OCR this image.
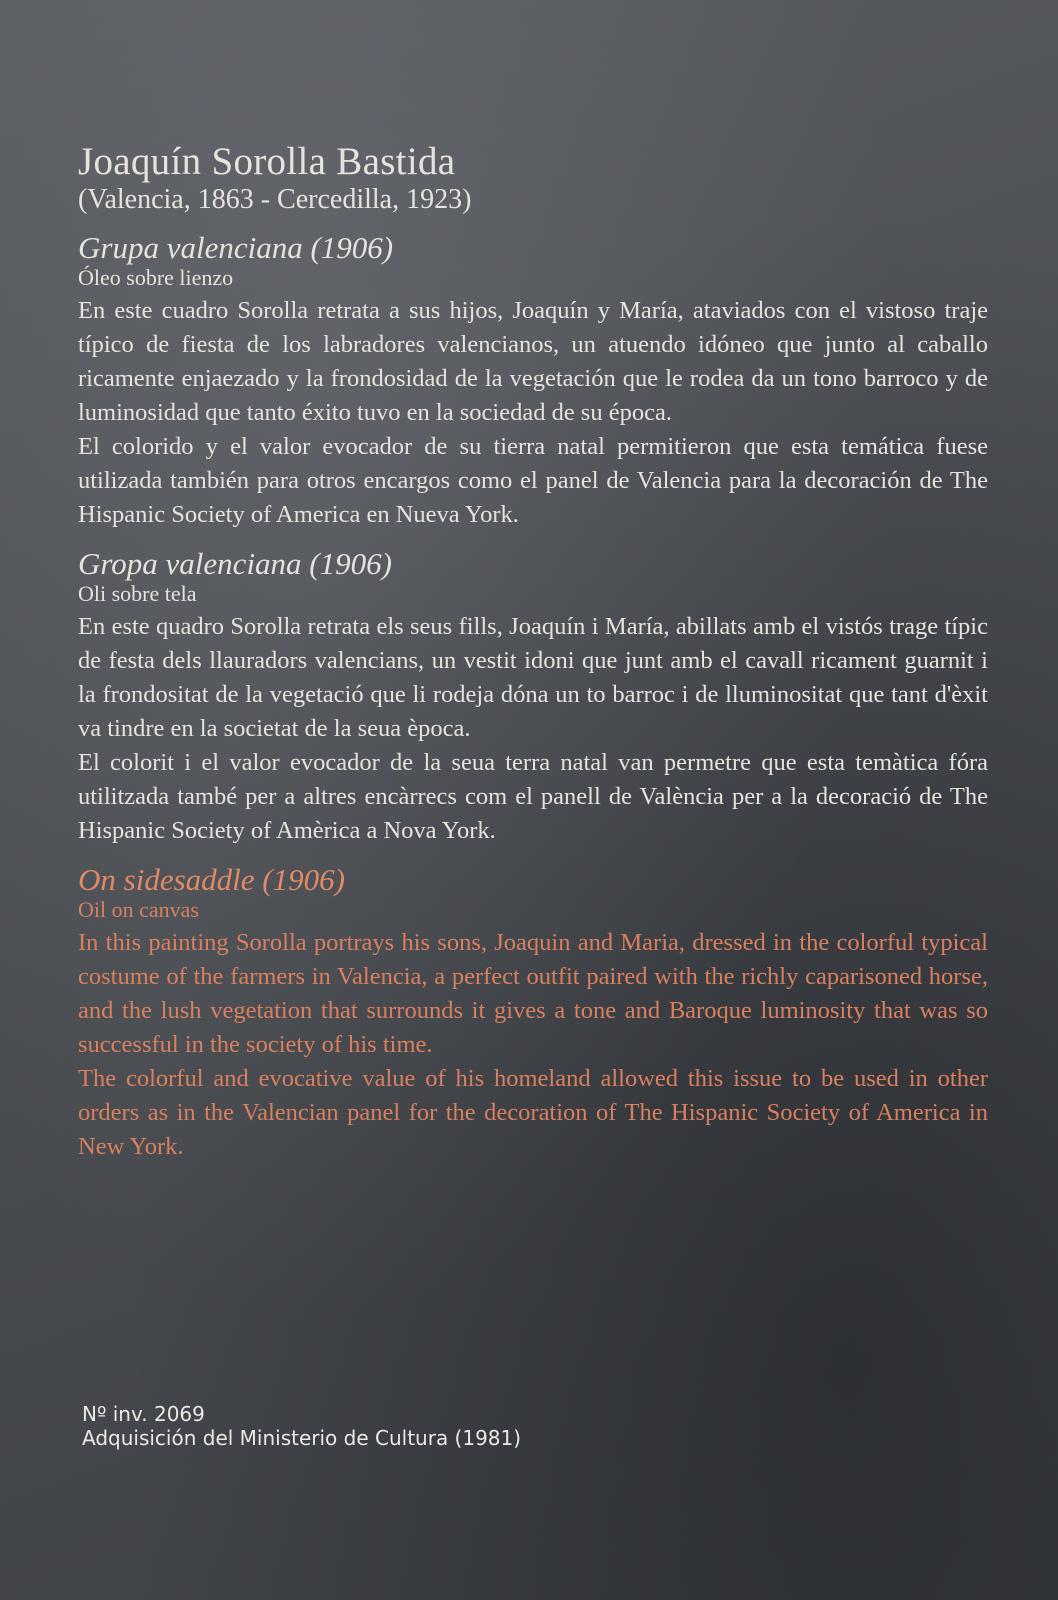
Joaquín Sorolla Bastida

(Valencia, 1863 - Cercedilla, 1923)

Grupa valenciana (1906)

Óleo sobre lienzo

En este cuadro Sorolla retrata a sus hijos, Joaquín y María, ataviados con el vistoso traje típico de fiesta de los labradores valencianos, un atuendo idóneo que junto al caballo ricamente enjaezado y la frondosidad de la vegetación que le rodea da un tono barroco y de luminosidad que tanto éxito tuvo en la sociedad de su época.

El colorido y el valor evocador de su tierra natal permitieron que esta temática fuese utilizada también para otros encargos como el panel de Valencia para la decoración de The Hispanic Society of America en Nueva York.

Gropa valenciana (1906)

Oli sobre tela

En este quadro Sorolla retrata els seus fills, Joaquín i María, abillats amb el vistós trage típic de festa dels llauradors valencians, un vestit idoni que junt amb el cavall ricament guarnit i la frondositat de la vegetació que li rodeja dóna un to barroc i de lluminositat que tant d'èxit va tindre en la societat de la seua època.

El colorit i el valor evocador de la seua terra natal van permetre que esta temàtica fóra utilitzada també per a altres encàrrecs com el panell de València per a la decoració de The Hispanic Society of Amèrica a Nova York.

On sidesaddle (1906)

Oil on canvas

In this painting Sorolla portrays his sons, Joaquin and Maria, dressed in the colorful typical costume of the farmers in Valencia, a perfect outfit paired with the richly caparisoned horse, and the lush vegetation that surrounds it gives a tone and Baroque luminosity that was so successful in the society of his time.

The colorful and evocative value of his homeland allowed this issue to be used in other orders as in the Valencian panel for the decoration of The Hispanic Society of America in New York.

Nº inv. 2069

Adquisición del Ministerio de Cultura (1981)
